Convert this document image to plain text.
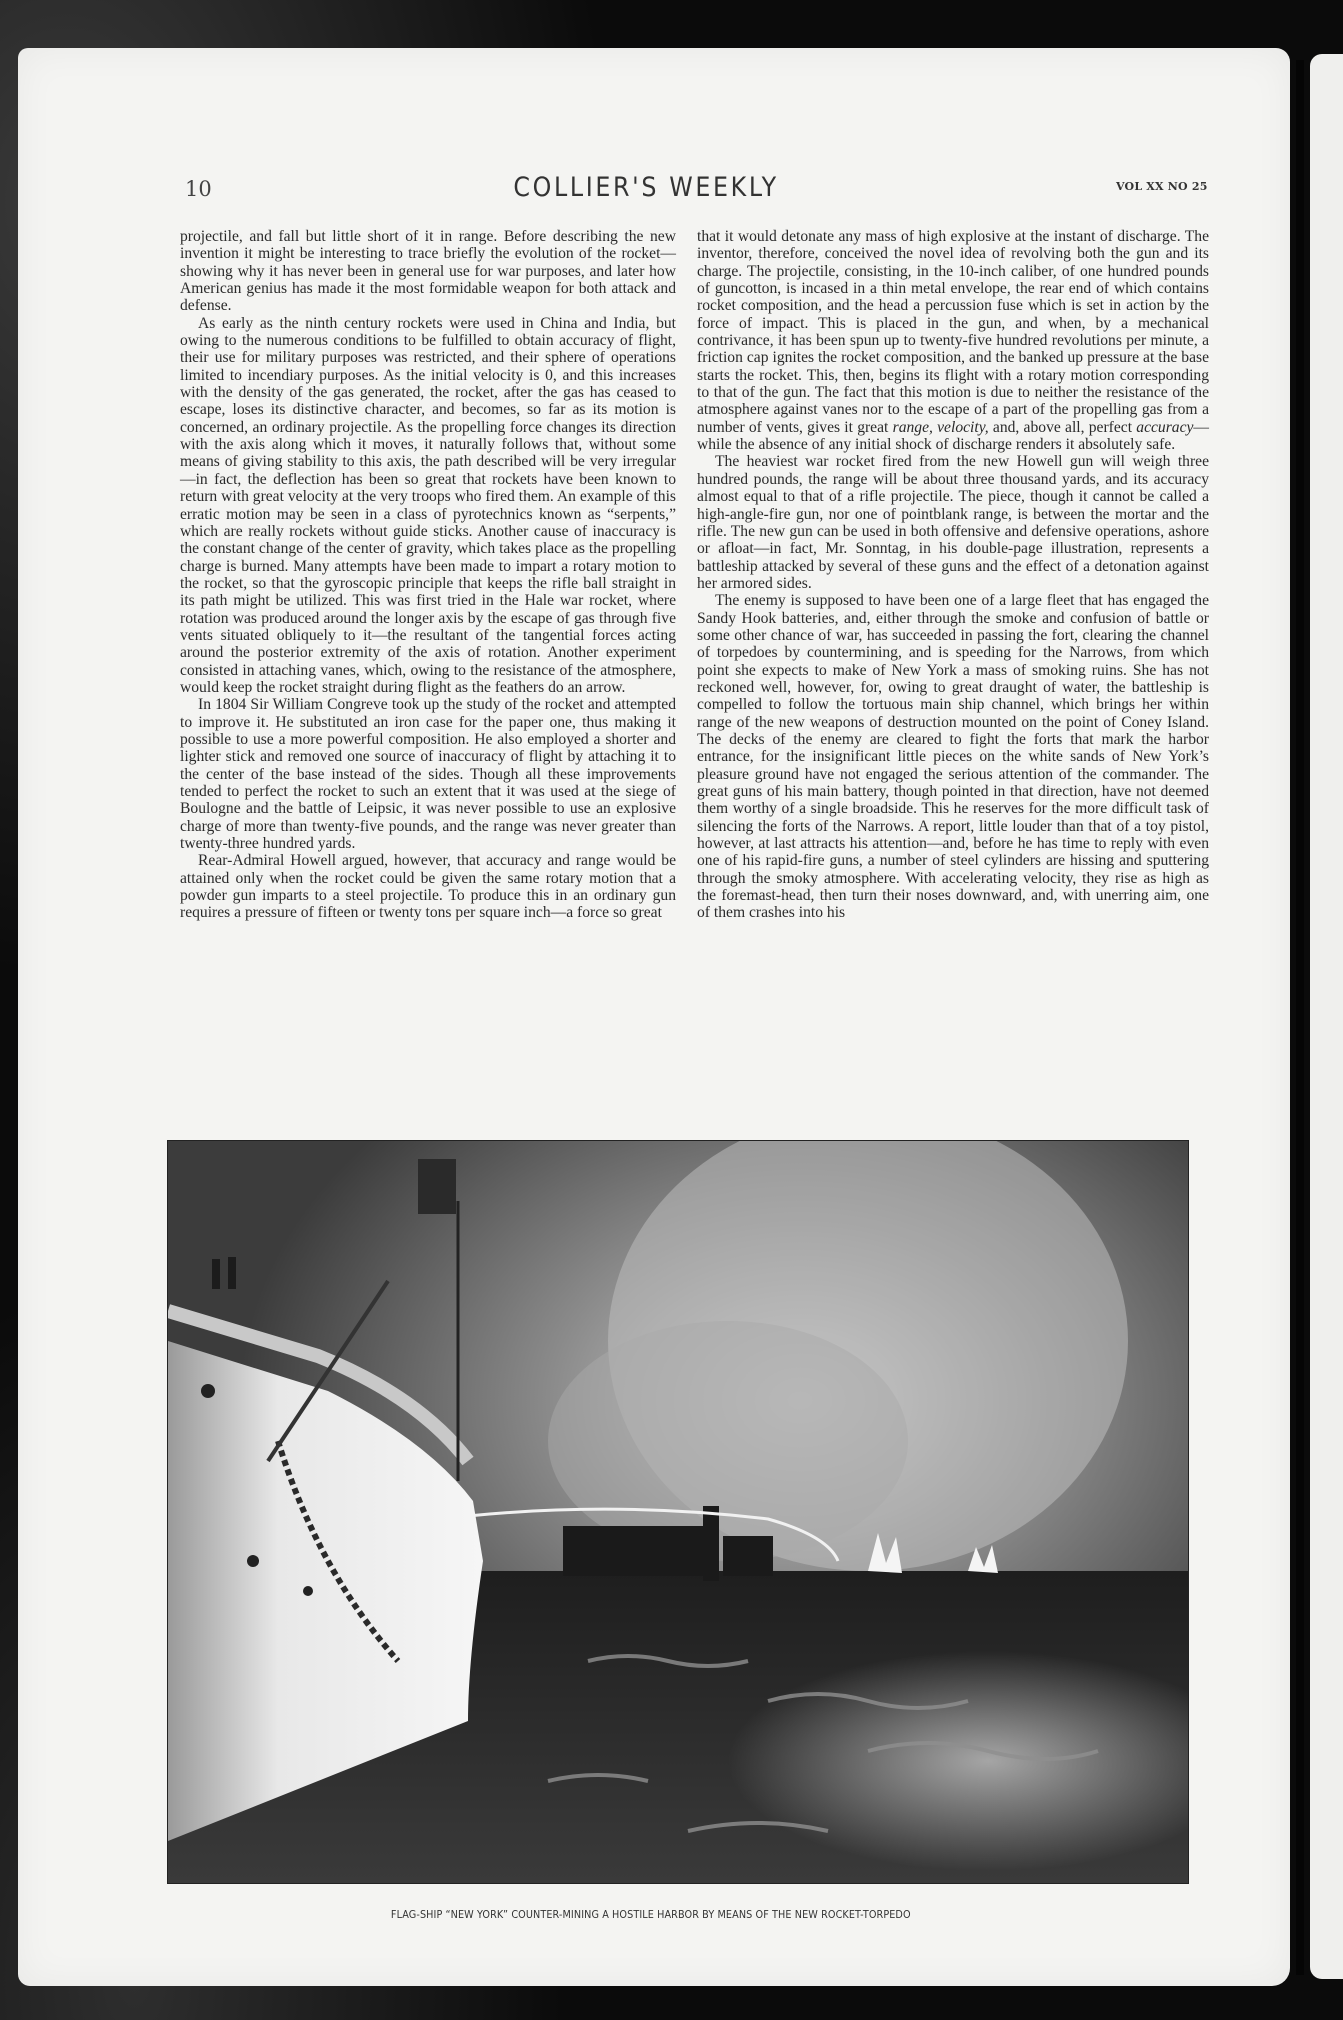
10	COLLIER'S WEEKLY	VOL XX NO 25

projectile, and fall but little short of it in range. Before describing the new invention it might be interesting to trace briefly the evolution of the rocket—showing why it has never been in general use for war purposes, and later how American genius has made it the most formidable weapon for both attack and defense.

As early as the ninth century rockets were used in China and India, but owing to the numerous conditions to be fulfilled to obtain accuracy of flight, their use for military purposes was restricted, and their sphere of operations limited to incendiary purposes. As the initial velocity is 0, and this increases with the density of the gas generated, the rocket, after the gas has ceased to escape, loses its distinctive character, and becomes, so far as its motion is concerned, an ordinary projectile. As the propelling force changes its direction with the axis along which it moves, it naturally follows that, without some means of giving stability to this axis, the path described will be very irregular—in fact, the deflection has been so great that rockets have been known to return with great velocity at the very troops who fired them. An example of this erratic motion may be seen in a class of pyrotechnics known as “serpents,” which are really rockets without guide sticks. Another cause of inaccuracy is the constant change of the center of gravity, which takes place as the propelling charge is burned. Many attempts have been made to impart a rotary motion to the rocket, so that the gyroscopic principle that keeps the rifle ball straight in its path might be utilized. This was first tried in the Hale war rocket, where rotation was produced around the longer axis by the escape of gas through five vents situated obliquely to it—the resultant of the tangential forces acting around the posterior extremity of the axis of rotation. Another experiment consisted in attaching vanes, which, owing to the resistance of the atmosphere, would keep the rocket straight during flight as the feathers do an arrow.

In 1804 Sir William Congreve took up the study of the rocket and attempted to improve it. He substituted an iron case for the paper one, thus making it possible to use a more powerful composition. He also employed a shorter and lighter stick and removed one source of inaccuracy of flight by attaching it to the center of the base instead of the sides. Though all these improvements tended to perfect the rocket to such an extent that it was used at the siege of Boulogne and the battle of Leipsic, it was never possible to use an explosive charge of more than twenty-five pounds, and the range was never greater than twenty-three hundred yards.

Rear-Admiral Howell argued, however, that accuracy and range would be attained only when the rocket could be given the same rotary motion that a powder gun imparts to a steel projectile. To produce this in an ordinary gun requires a pressure of fifteen or twenty tons per square inch—a force so great

that it would detonate any mass of high explosive at the instant of discharge. The inventor, therefore, conceived the novel idea of revolving both the gun and its charge. The projectile, consisting, in the 10-inch caliber, of one hundred pounds of guncotton, is incased in a thin metal envelope, the rear end of which contains rocket composition, and the head a percussion fuse which is set in action by the force of impact. This is placed in the gun, and when, by a mechanical contrivance, it has been spun up to twenty-five hundred revolutions per minute, a friction cap ignites the rocket composition, and the banked up pressure at the base starts the rocket. This, then, begins its flight with a rotary motion corresponding to that of the gun. The fact that this motion is due to neither the resistance of the atmosphere against vanes nor to the escape of a part of the propelling gas from a number of vents, gives it great range, velocity, and, above all, perfect accuracy—while the absence of any initial shock of discharge renders it absolutely safe.

The heaviest war rocket fired from the new Howell gun will weigh three hundred pounds, the range will be about three thousand yards, and its accuracy almost equal to that of a rifle projectile. The piece, though it cannot be called a high-angle-fire gun, nor one of pointblank range, is between the mortar and the rifle. The new gun can be used in both offensive and defensive operations, ashore or afloat—in fact, Mr. Sonntag, in his double-page illustration, represents a battleship attacked by several of these guns and the effect of a detonation against her armored sides.

The enemy is supposed to have been one of a large fleet that has engaged the Sandy Hook batteries, and, either through the smoke and confusion of battle or some other chance of war, has succeeded in passing the fort, clearing the channel of torpedoes by countermining, and is speeding for the Narrows, from which point she expects to make of New York a mass of smoking ruins. She has not reckoned well, however, for, owing to great draught of water, the battleship is compelled to follow the tortuous main ship channel, which brings her within range of the new weapons of destruction mounted on the point of Coney Island. The decks of the enemy are cleared to fight the forts that mark the harbor entrance, for the insignificant little pieces on the white sands of New York’s pleasure ground have not engaged the serious attention of the commander. The great guns of his main battery, though pointed in that direction, have not deemed them worthy of a single broadside. This he reserves for the more difficult task of silencing the forts of the Narrows. A report, little louder than that of a toy pistol, however, at last attracts his attention—and, before he has time to reply with even one of his rapid-fire guns, a number of steel cylinders are hissing and sputtering through the smoky atmosphere. With accelerating velocity, they rise as high as the foremast-head, then turn their noses downward, and, with unerring aim, one of them crashes into his

FLAG-SHIP “NEW YORK” COUNTER-MINING A HOSTILE HARBOR BY MEANS OF THE NEW ROCKET-TORPEDO
